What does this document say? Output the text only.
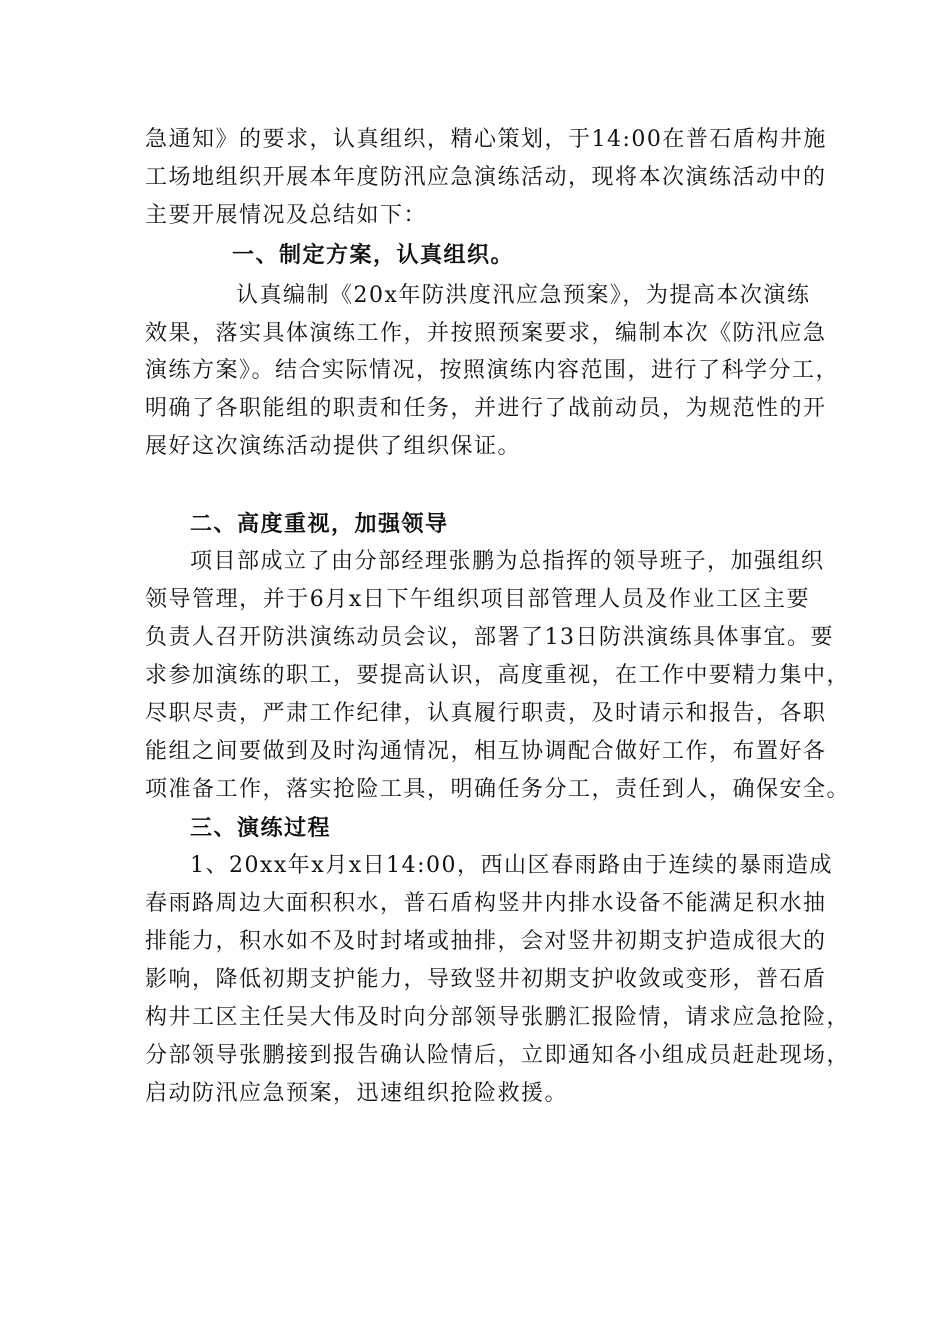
急通知》的要求，认真组织，精心策划，于14:00在普石盾构井施
工场地组织开展本年度防汛应急演练活动，现将本次演练活动中的
主要开展情况及总结如下：
一、制定方案，认真组织。
认真编制《20x年防洪度汛应急预案》，为提高本次演练
效果，落实具体演练工作，并按照预案要求，编制本次《防汛应急
演练方案》。结合实际情况，按照演练内容范围，进行了科学分工，
明确了各职能组的职责和任务，并进行了战前动员，为规范性的开
展好这次演练活动提供了组织保证。
二、高度重视，加强领导
项目部成立了由分部经理张鹏为总指挥的领导班子，加强组织
领导管理，并于6月x日下午组织项目部管理人员及作业工区主要
负责人召开防洪演练动员会议，部署了13日防洪演练具体事宜。要
求参加演练的职工，要提高认识，高度重视，在工作中要精力集中，
尽职尽责，严肃工作纪律，认真履行职责，及时请示和报告，各职
能组之间要做到及时沟通情况，相互协调配合做好工作，布置好各
项准备工作，落实抢险工具，明确任务分工，责任到人，确保安全。
三、演练过程
1、20xx年x月x日14:00，西山区春雨路由于连续的暴雨造成
春雨路周边大面积积水，普石盾构竖井内排水设备不能满足积水抽
排能力，积水如不及时封堵或抽排，会对竖井初期支护造成很大的
影响，降低初期支护能力，导致竖井初期支护收敛或变形，普石盾
构井工区主任吴大伟及时向分部领导张鹏汇报险情，请求应急抢险，
分部领导张鹏接到报告确认险情后，立即通知各小组成员赶赴现场，
启动防汛应急预案，迅速组织抢险救援。
